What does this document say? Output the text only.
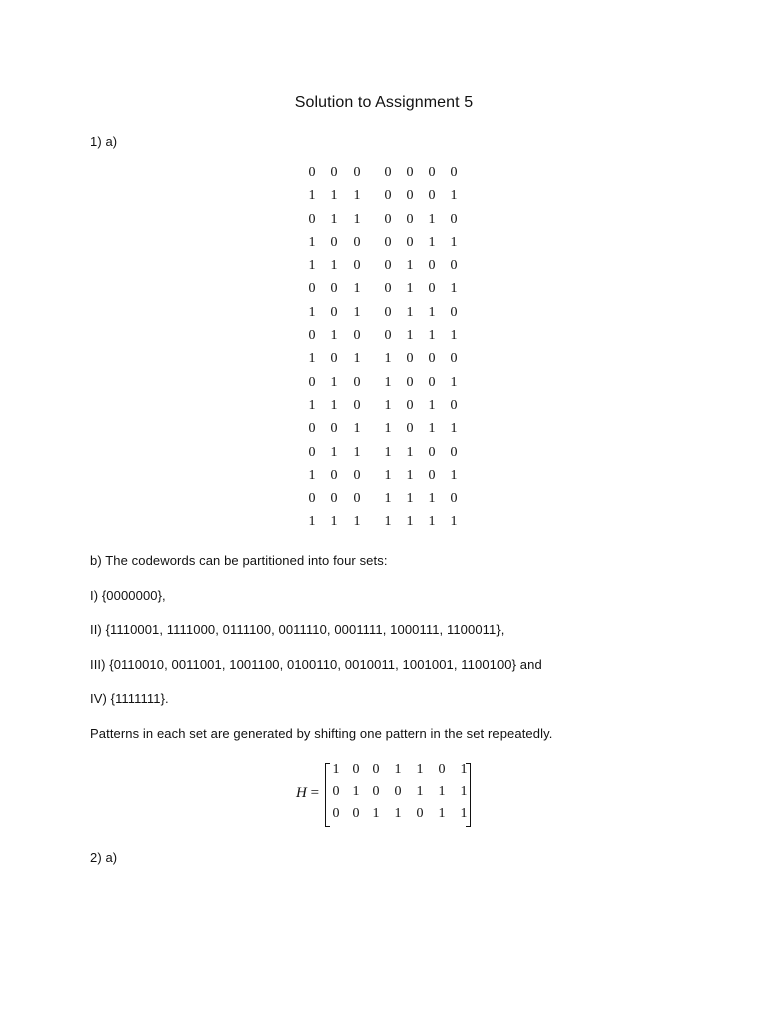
Solution to Assignment 5
1) a)
0 0 0 0 0 0 0
1 1 1 0 0 0 1
0 1 1 0 0 1 0
1 0 0 0 0 1 1
1 1 0 0 1 0 0
0 0 1 0 1 0 1
1 0 1 0 1 1 0
0 1 0 0 1 1 1
1 0 1 1 0 0 0
0 1 0 1 0 0 1
1 1 0 1 0 1 0
0 0 1 1 0 1 1
0 1 1 1 1 0 0
1 0 0 1 1 0 1
0 0 0 1 1 1 0
1 1 1 1 1 1 1
b) The codewords can be partitioned into four sets:
I) {0000000},
II) {1110001, 1111000, 0111100, 0011110, 0001111, 1000111, 1100011},
III) {0110010, 0011001, 1001100, 0100110, 0010011, 1001001, 1100100} and
IV) {1111111}.
Patterns in each set are generated by shifting one pattern in the set repeatedly.
H =
1 0 0 1 1 0 1
0 1 0 0 1 1 1
0 0 1 1 0 1 1
2) a)
